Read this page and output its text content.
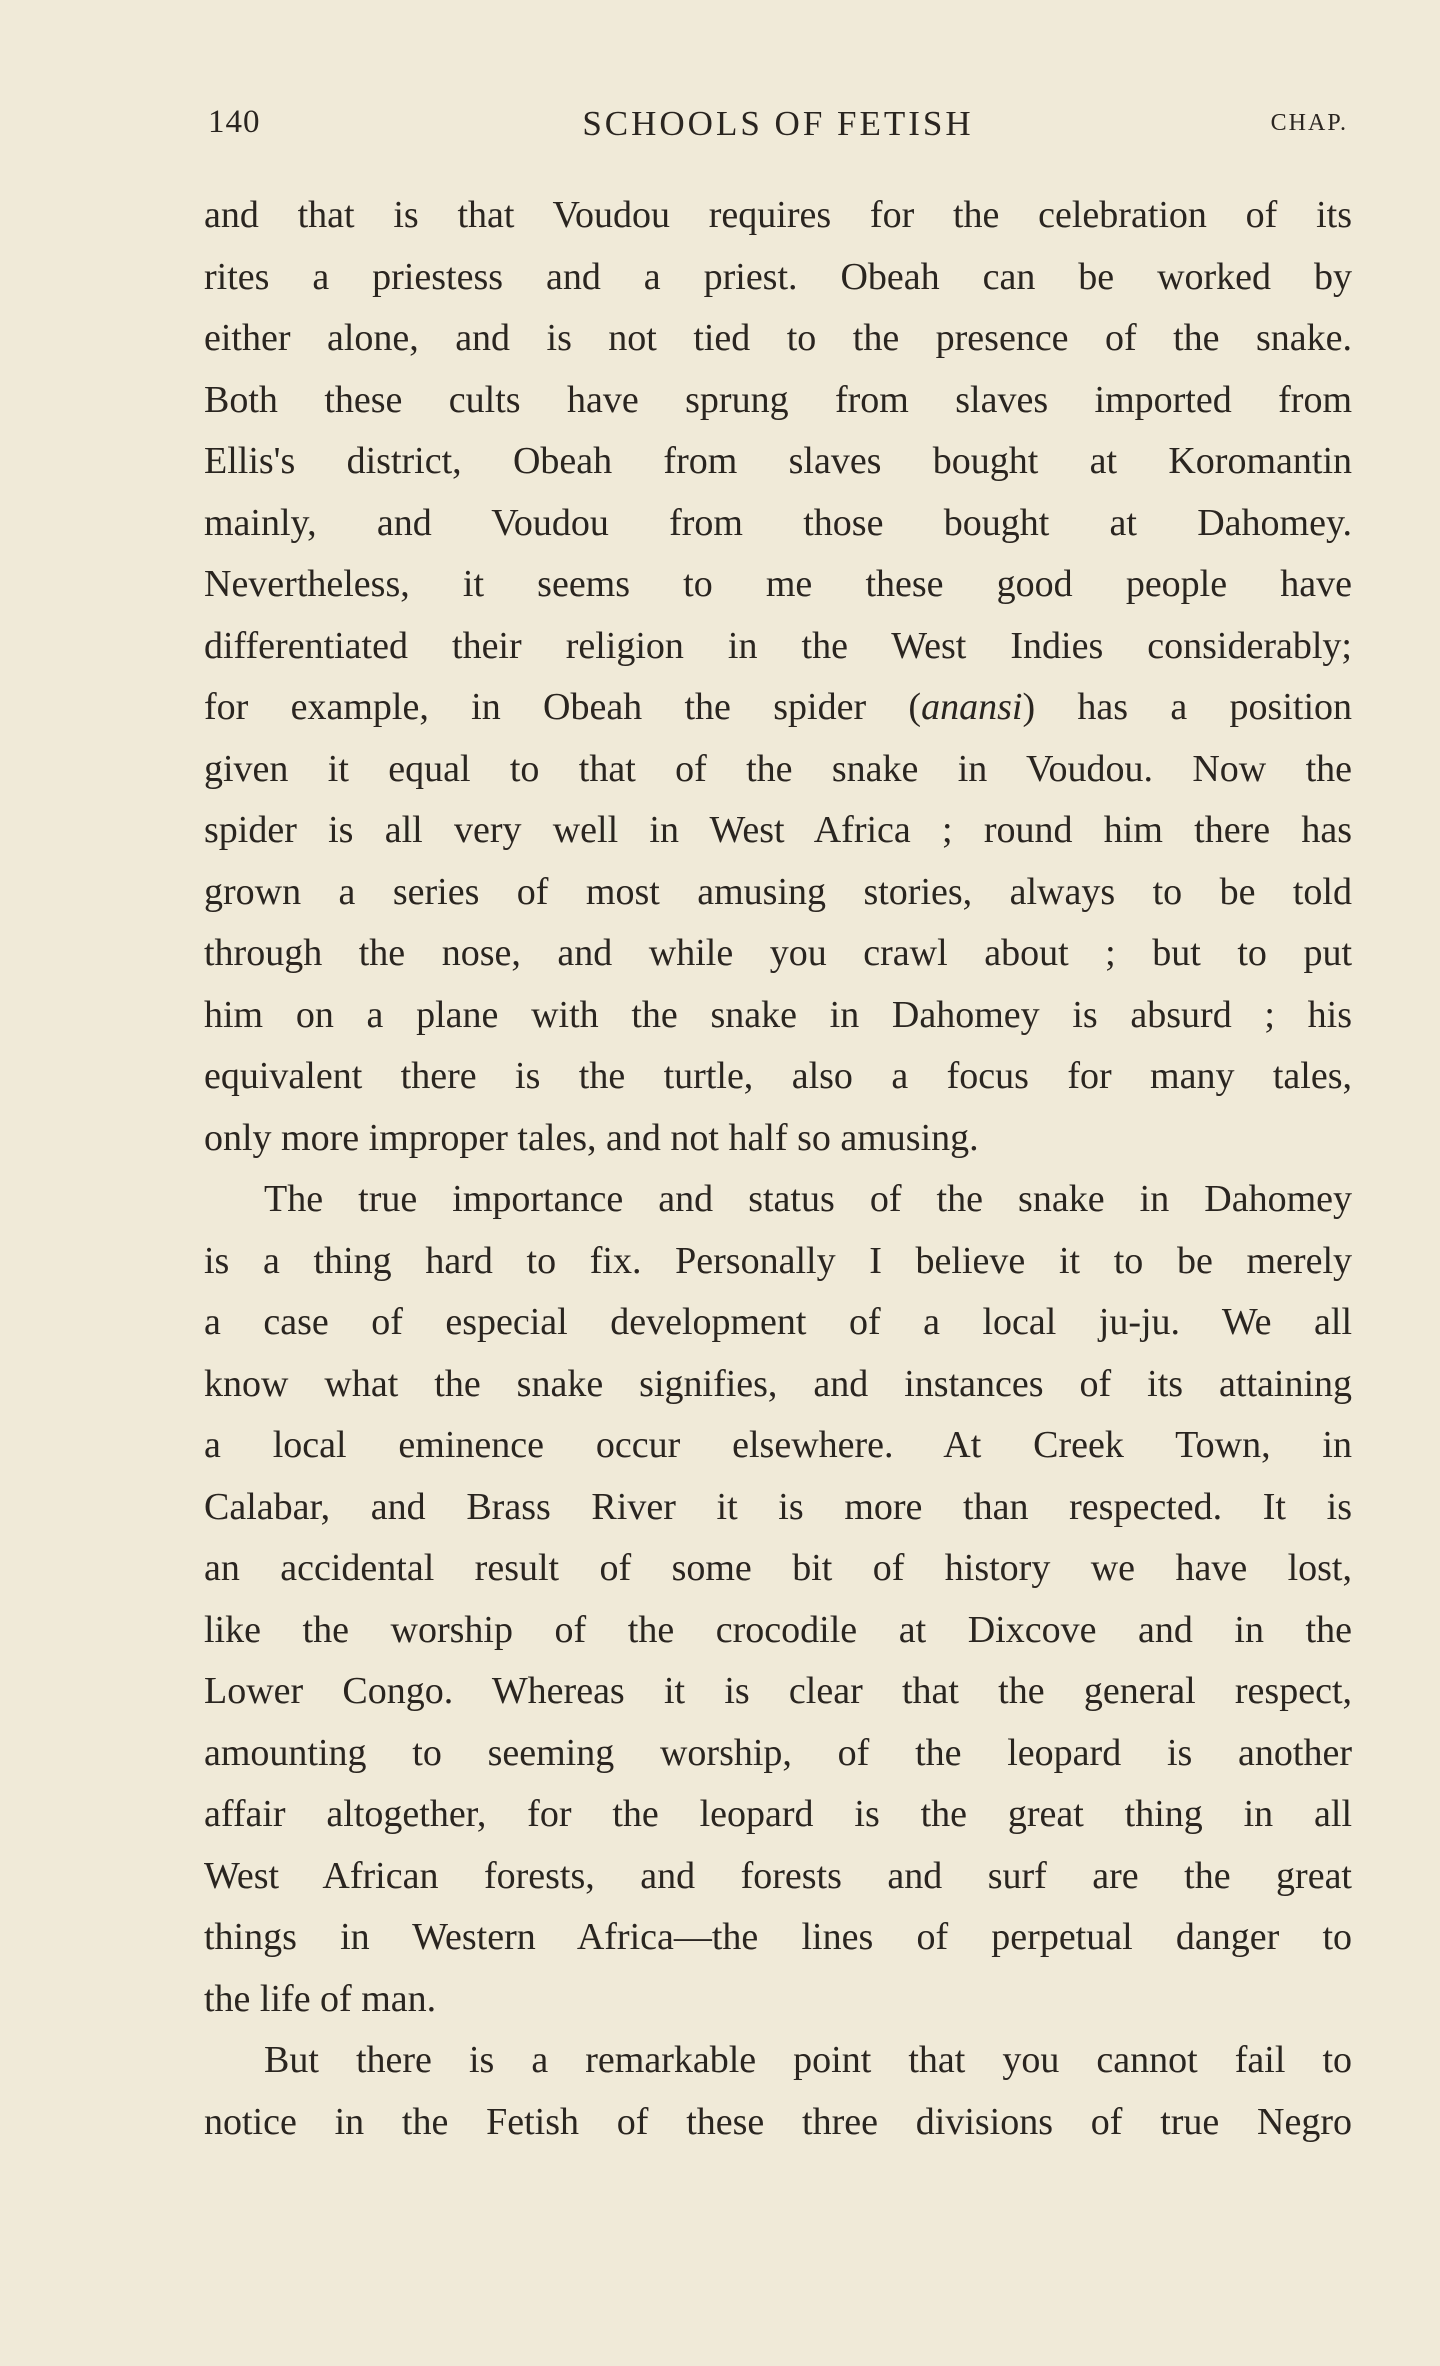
140	SCHOOLS OF FETISH	CHAP.
and that is that Voudou requires for the celebration of its
rites a priestess and a priest. Obeah can be worked by
either alone, and is not tied to the presence of the snake.
Both these cults have sprung from slaves imported from
Ellis's district, Obeah from slaves bought at Koromantin
mainly, and Voudou from those bought at Dahomey.
Nevertheless, it seems to me these good people have
differentiated their religion in the West Indies considerably;
for example, in Obeah the spider (anansi) has a position
given it equal to that of the snake in Voudou. Now the
spider is all very well in West Africa ; round him there has
grown a series of most amusing stories, always to be told
through the nose, and while you crawl about ; but to put
him on a plane with the snake in Dahomey is absurd ; his
equivalent there is the turtle, also a focus for many tales,
only more improper tales, and not half so amusing.
The true importance and status of the snake in Dahomey
is a thing hard to fix. Personally I believe it to be merely
a case of especial development of a local ju-ju. We all
know what the snake signifies, and instances of its attaining
a local eminence occur elsewhere. At Creek Town, in
Calabar, and Brass River it is more than respected. It is
an accidental result of some bit of history we have lost,
like the worship of the crocodile at Dixcove and in the
Lower Congo. Whereas it is clear that the general respect,
amounting to seeming worship, of the leopard is another
affair altogether, for the leopard is the great thing in all
West African forests, and forests and surf are the great
things in Western Africa—the lines of perpetual danger to
the life of man.
But there is a remarkable point that you cannot fail to
notice in the Fetish of these three divisions of true Negro
